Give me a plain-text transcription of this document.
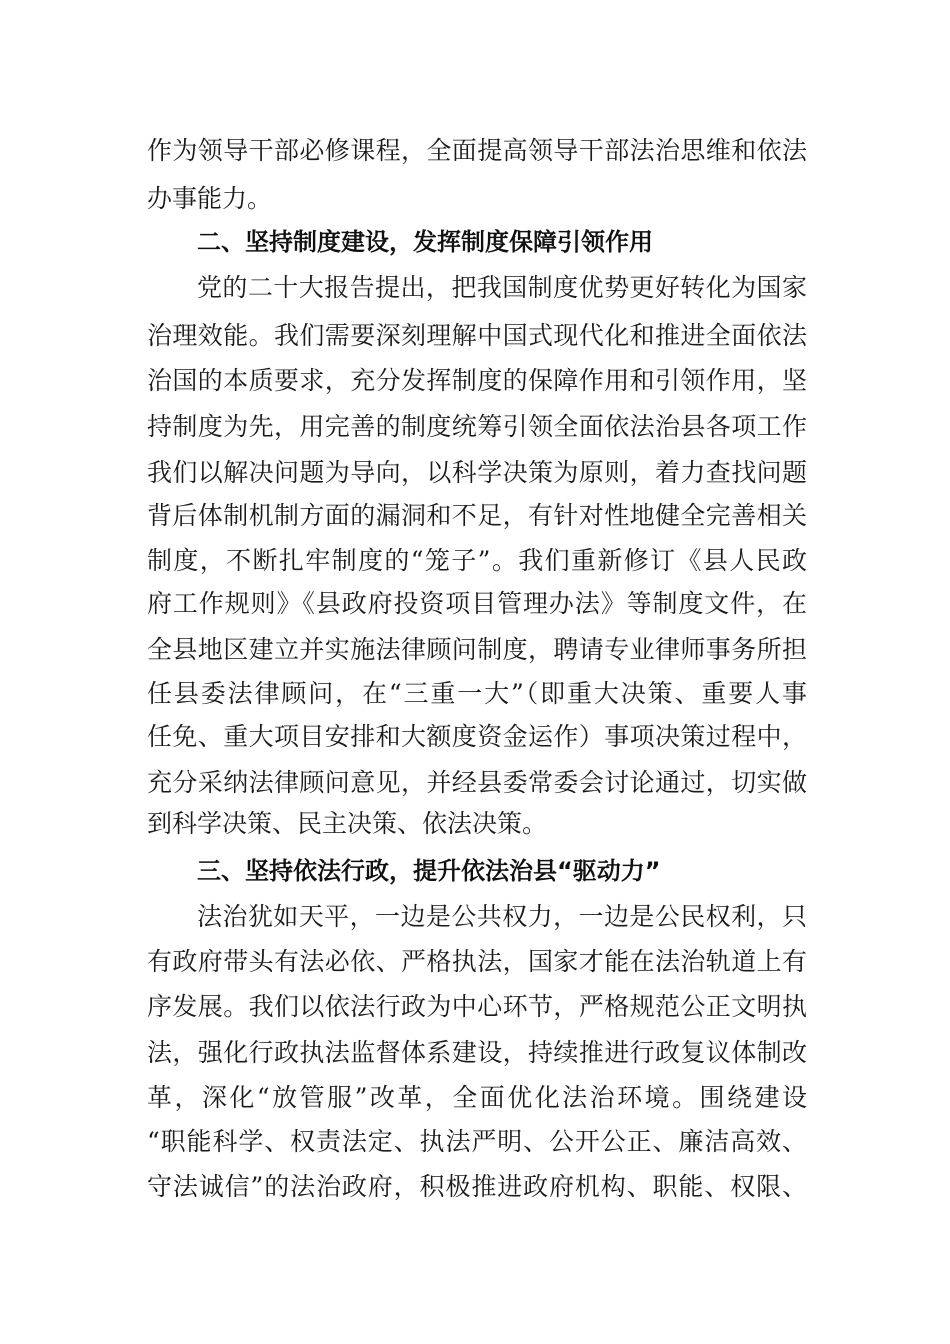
作为领导干部必修课程，全面提高领导干部法治思维和依法
办事能力。
二、坚持制度建设，发挥制度保障引领作用
党的二十大报告提出，把我国制度优势更好转化为国家
治理效能。我们需要深刻理解中国式现代化和推进全面依法
治国的本质要求，充分发挥制度的保障作用和引领作用，坚
持制度为先，用完善的制度统筹引领全面依法治县各项工作
我们以解决问题为导向，以科学决策为原则，着力查找问题
背后体制机制方面的漏洞和不足，有针对性地健全完善相关
制度，不断扎牢制度的“笼子”。我们重新修订《县人民政
府工作规则》《县政府投资项目管理办法》等制度文件，在
全县地区建立并实施法律顾问制度，聘请专业律师事务所担
任县委法律顾问，在“三重一大”（即重大决策、重要人事
任免、重大项目安排和大额度资金运作）事项决策过程中，
充分采纳法律顾问意见，并经县委常委会讨论通过，切实做
到科学决策、民主决策、依法决策。
三、坚持依法行政，提升依法治县“驱动力”
法治犹如天平，一边是公共权力，一边是公民权利，只
有政府带头有法必依、严格执法，国家才能在法治轨道上有
序发展。我们以依法行政为中心环节，严格规范公正文明执
法，强化行政执法监督体系建设，持续推进行政复议体制改
革，深化“放管服”改革，全面优化法治环境。围绕建设
“职能科学、权责法定、执法严明、公开公正、廉洁高效、
守法诚信”的法治政府，积极推进政府机构、职能、权限、
